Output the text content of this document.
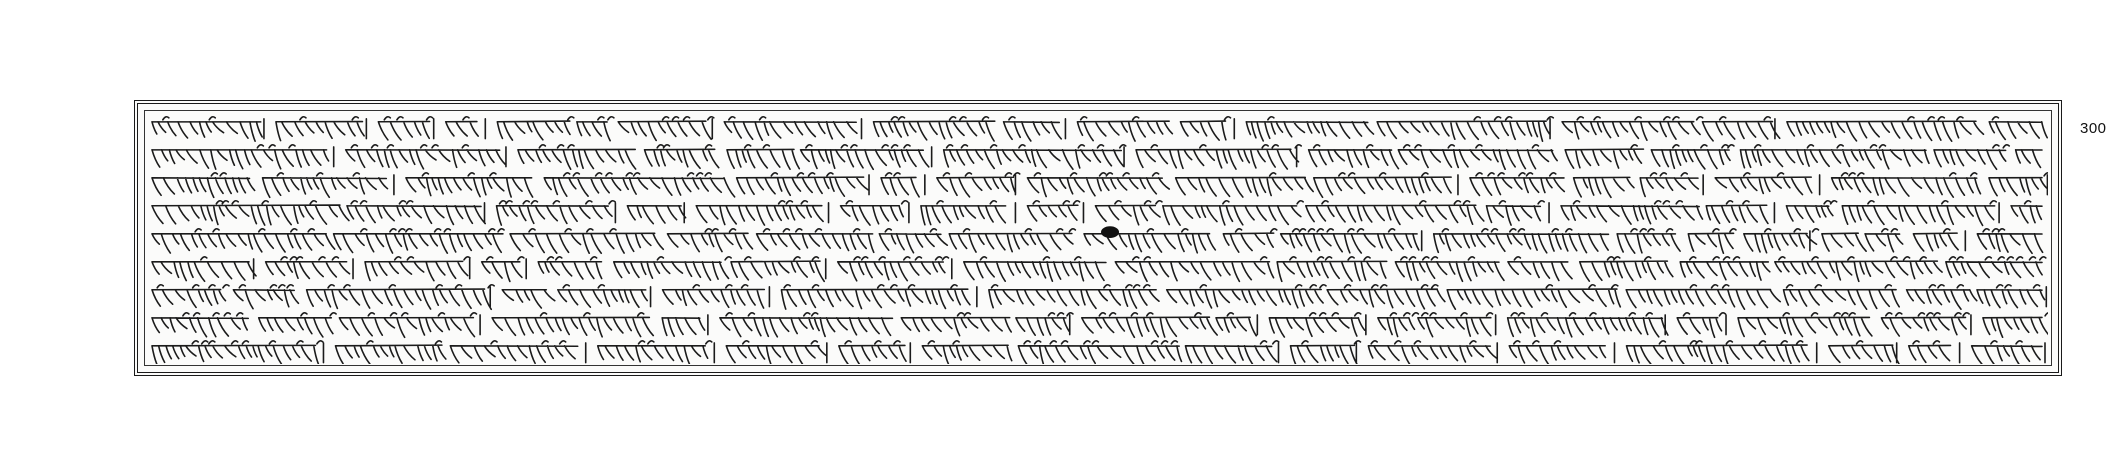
300
